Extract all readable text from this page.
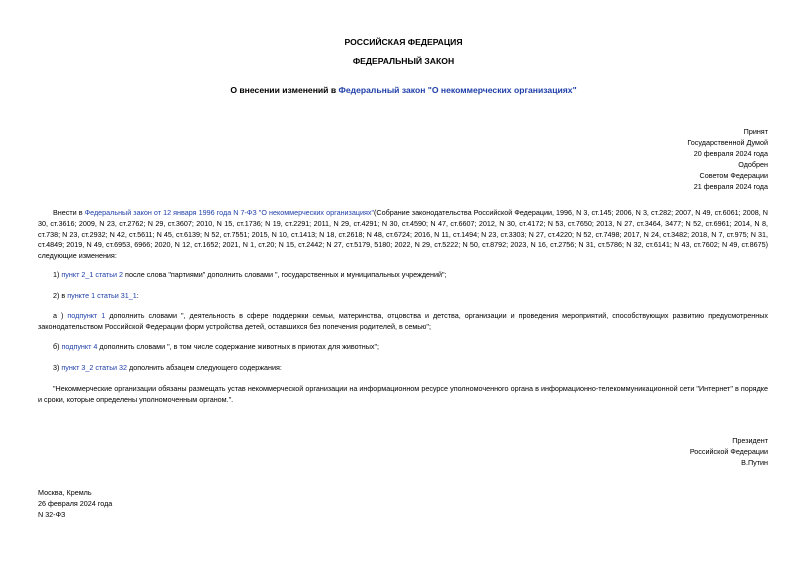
РОССИЙСКАЯ ФЕДЕРАЦИЯ
ФЕДЕРАЛЬНЫЙ ЗАКОН
О внесении изменений в Федеральный закон "О некоммерческих организациях"
Принят
Государственной Думой
20 февраля 2024 года
Одобрен
Советом Федерации
21 февраля 2024 года
Внести в Федеральный закон от 12 января 1996 года N 7-ФЗ "О некоммерческих организациях"(Собрание законодательства Российской Федерации, 1996, N 3, ст.145; 2006, N 3, ст.282; 2007, N 49, ст.6061; 2008, N 30, ст.3616; 2009, N 23, ст.2762; N 29, ст.3607; 2010, N 15, ст.1736; N 19, ст.2291; 2011, N 29, ст.4291; N 30, ст.4590; N 47, ст.6607; 2012, N 30, ст.4172; N 53, ст.7650; 2013, N 27, ст.3464, 3477; N 52, ст.6961; 2014, N 8, ст.738; N 23, ст.2932; N 42, ст.5611; N 45, ст.6139; N 52, ст.7551; 2015, N 10, ст.1413; N 18, ст.2618; N 48, ст.6724; 2016, N 11, ст.1494; N 23, ст.3303; N 27, ст.4220; N 52, ст.7498; 2017, N 24, ст.3482; 2018, N 7, ст.975; N 31, ст.4849; 2019, N 49, ст.6953, 6966; 2020, N 12, ст.1652; 2021, N 1, ст.20; N 15, ст.2442; N 27, ст.5179, 5180; 2022, N 29, ст.5222; N 50, ст.8792; 2023, N 16, ст.2756; N 31, ст.5786; N 32, ст.6141; N 43, ст.7602; N 49, ст.8675) следующие изменения:
1) пункт 2_1 статьи 2 после слова "партиями" дополнить словами ", государственных и муниципальных учреждений";
2) в пункте 1 статьи 31_1:
а ) подпункт 1 дополнить словами ", деятельность в сфере поддержки семьи, материнства, отцовства и детства, организации и проведения мероприятий, способствующих развитию предусмотренных законодательством Российской Федерации форм устройства детей, оставшихся без попечения родителей, в семью";
б) подпункт 4 дополнить словами ", в том числе содержание животных в приютах для животных";
3) пункт 3_2 статьи 32 дополнить абзацем следующего содержания:
"Некоммерческие организации обязаны размещать устав некоммерческой организации на информационном ресурсе уполномоченного органа в информационно-телекоммуникационной сети "Интернет" в порядке и сроки, которые определены уполномоченным органом.".
Президент
Российской Федерации
В.Путин
Москва, Кремль
26 февраля 2024 года
N 32-ФЗ
